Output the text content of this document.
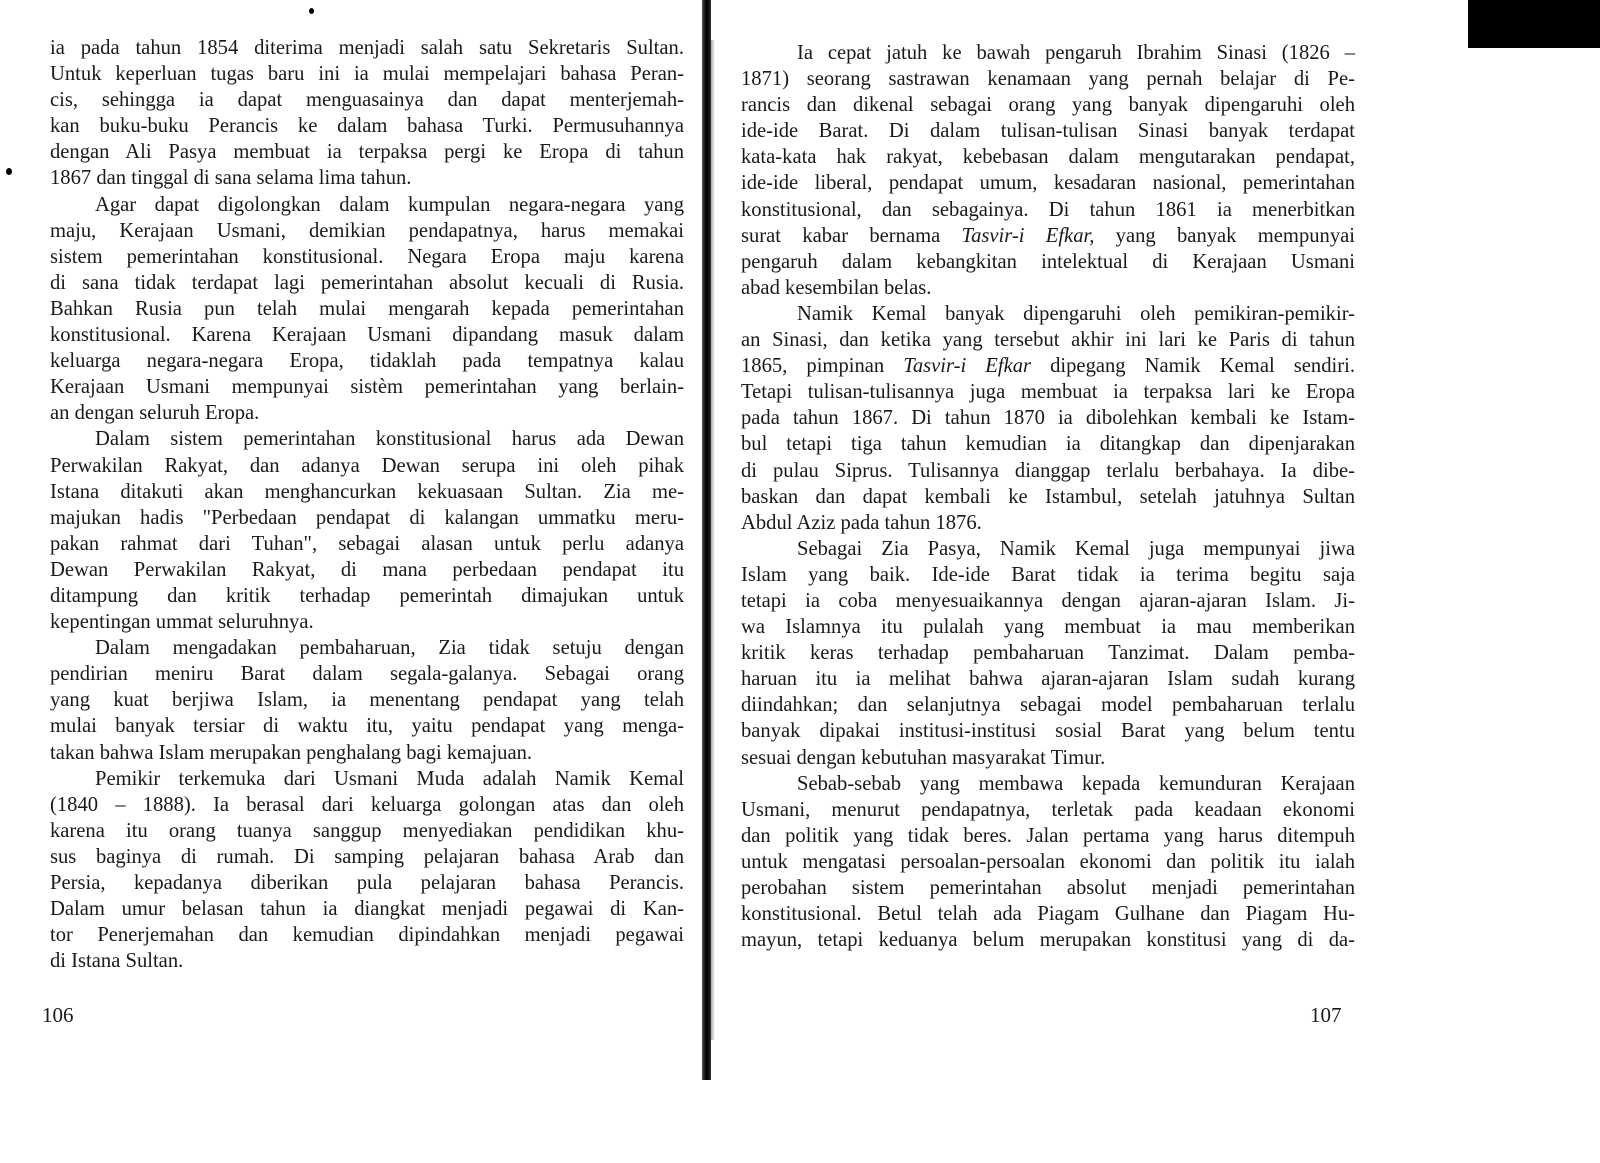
ia pada tahun 1854 diterima menjadi salah satu Sekretaris Sultan.
Untuk keperluan tugas baru ini ia mulai mempelajari bahasa Peran-
cis, sehingga ia dapat menguasainya dan dapat menterjemah-
kan buku-buku Perancis ke dalam bahasa Turki. Permusuhannya
dengan Ali Pasya membuat ia terpaksa pergi ke Eropa di tahun
1867 dan tinggal di sana selama lima tahun.
Agar dapat digolongkan dalam kumpulan negara-negara yang
maju, Kerajaan Usmani, demikian pendapatnya, harus memakai
sistem pemerintahan konstitusional. Negara Eropa maju karena
di sana tidak terdapat lagi pemerintahan absolut kecuali di Rusia.
Bahkan Rusia pun telah mulai mengarah kepada pemerintahan
konstitusional. Karena Kerajaan Usmani dipandang masuk dalam
keluarga negara-negara Eropa, tidaklah pada tempatnya kalau
Kerajaan Usmani mempunyai sistèm pemerintahan yang berlain-
an dengan seluruh Eropa.
Dalam sistem pemerintahan konstitusional harus ada Dewan
Perwakilan Rakyat, dan adanya Dewan serupa ini oleh pihak
Istana ditakuti akan menghancurkan kekuasaan Sultan. Zia me-
majukan hadis "Perbedaan pendapat di kalangan ummatku meru-
pakan rahmat dari Tuhan", sebagai alasan untuk perlu adanya
Dewan Perwakilan Rakyat, di mana perbedaan pendapat itu
ditampung dan kritik terhadap pemerintah dimajukan untuk
kepentingan ummat seluruhnya.
Dalam mengadakan pembaharuan, Zia tidak setuju dengan
pendirian meniru Barat dalam segala-galanya. Sebagai orang
yang kuat berjiwa Islam, ia menentang pendapat yang telah
mulai banyak tersiar di waktu itu, yaitu pendapat yang menga-
takan bahwa Islam merupakan penghalang bagi kemajuan.
Pemikir terkemuka dari Usmani Muda adalah Namik Kemal
(1840 – 1888). Ia berasal dari keluarga golongan atas dan oleh
karena itu orang tuanya sanggup menyediakan pendidikan khu-
sus baginya di rumah. Di samping pelajaran bahasa Arab dan
Persia, kepadanya diberikan pula pelajaran bahasa Perancis.
Dalam umur belasan tahun ia diangkat menjadi pegawai di Kan-
tor Penerjemahan dan kemudian dipindahkan menjadi pegawai
di Istana Sultan.
106
Ia cepat jatuh ke bawah pengaruh Ibrahim Sinasi (1826 –
1871) seorang sastrawan kenamaan yang pernah belajar di Pe-
rancis dan dikenal sebagai orang yang banyak dipengaruhi oleh
ide-ide Barat. Di dalam tulisan-tulisan Sinasi banyak terdapat
kata-kata hak rakyat, kebebasan dalam mengutarakan pendapat,
ide-ide liberal, pendapat umum, kesadaran nasional, pemerintahan
konstitusional, dan sebagainya. Di tahun 1861 ia menerbitkan
surat kabar bernama Tasvir-i Efkar, yang banyak mempunyai
pengaruh dalam kebangkitan intelektual di Kerajaan Usmani
abad kesembilan belas.
Namik Kemal banyak dipengaruhi oleh pemikiran-pemikir-
an Sinasi, dan ketika yang tersebut akhir ini lari ke Paris di tahun
1865, pimpinan Tasvir-i Efkar dipegang Namik Kemal sendiri.
Tetapi tulisan-tulisannya juga membuat ia terpaksa lari ke Eropa
pada tahun 1867. Di tahun 1870 ia dibolehkan kembali ke Istam-
bul tetapi tiga tahun kemudian ia ditangkap dan dipenjarakan
di pulau Siprus. Tulisannya dianggap terlalu berbahaya. Ia dibe-
baskan dan dapat kembali ke Istambul, setelah jatuhnya Sultan
Abdul Aziz pada tahun 1876.
Sebagai Zia Pasya, Namik Kemal juga mempunyai jiwa
Islam yang baik. Ide-ide Barat tidak ia terima begitu saja
tetapi ia coba menyesuaikannya dengan ajaran-ajaran Islam. Ji-
wa Islamnya itu pulalah yang membuat ia mau memberikan
kritik keras terhadap pembaharuan Tanzimat. Dalam pemba-
haruan itu ia melihat bahwa ajaran-ajaran Islam sudah kurang
diindahkan; dan selanjutnya sebagai model pembaharuan terlalu
banyak dipakai institusi-institusi sosial Barat yang belum tentu
sesuai dengan kebutuhan masyarakat Timur.
Sebab-sebab yang membawa kepada kemunduran Kerajaan
Usmani, menurut pendapatnya, terletak pada keadaan ekonomi
dan politik yang tidak beres. Jalan pertama yang harus ditempuh
untuk mengatasi persoalan-persoalan ekonomi dan politik itu ialah
perobahan sistem pemerintahan absolut menjadi pemerintahan
konstitusional. Betul telah ada Piagam Gulhane dan Piagam Hu-
mayun, tetapi keduanya belum merupakan konstitusi yang di da-
107
